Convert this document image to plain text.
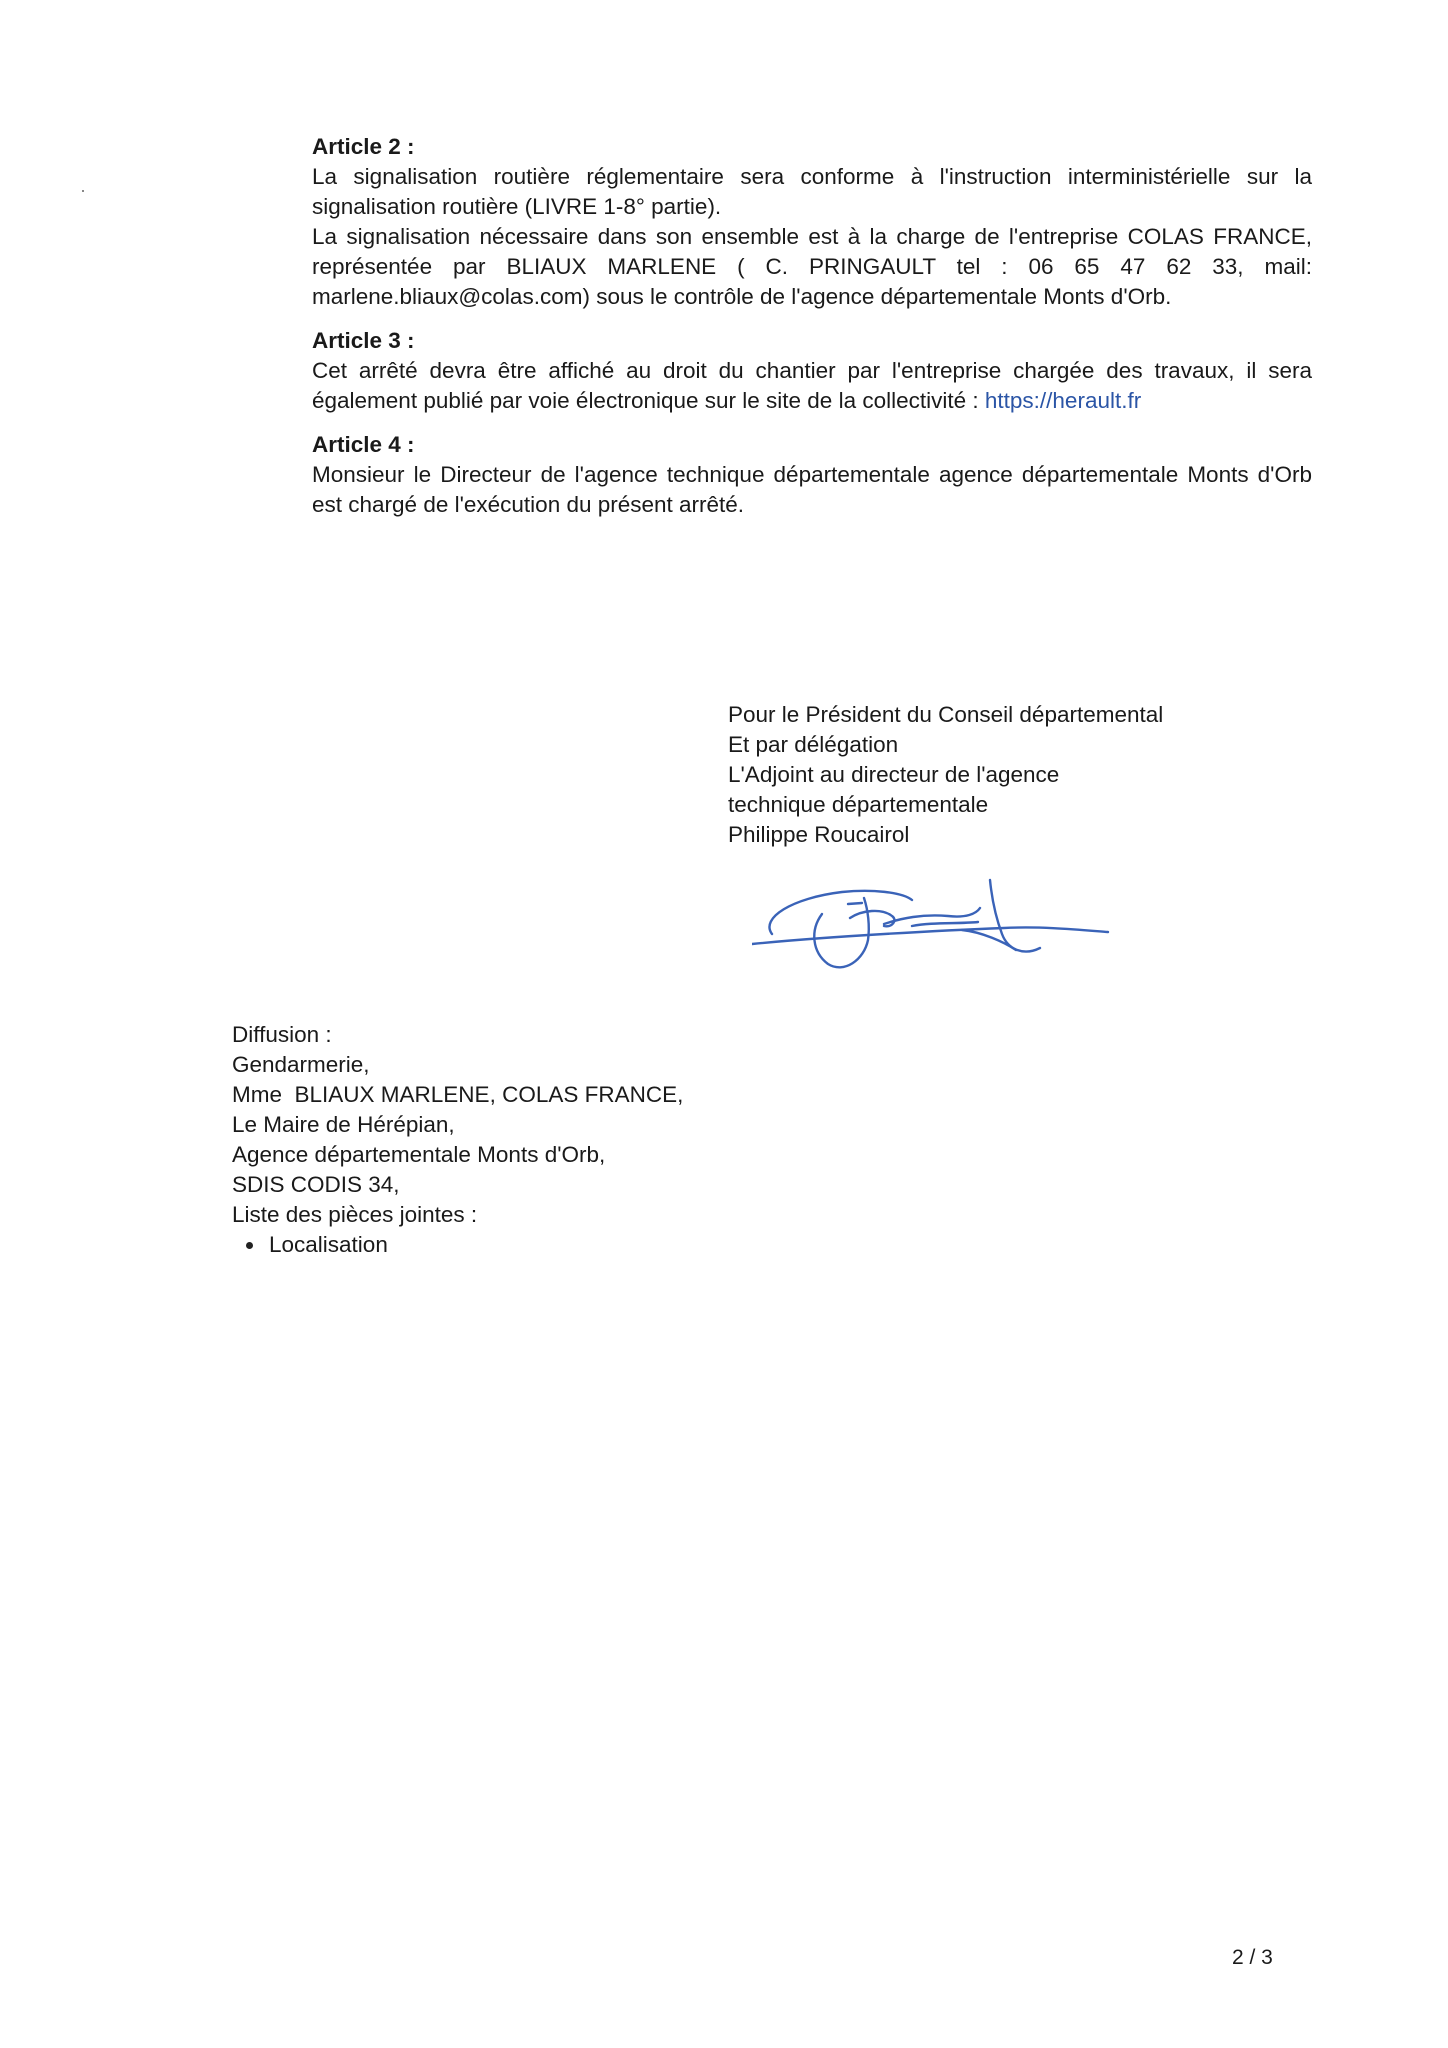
Article 2 :

La signalisation routière réglementaire sera conforme à l'instruction interministérielle sur la signalisation routière (LIVRE 1-8° partie).

La signalisation nécessaire dans son ensemble est à la charge de l'entreprise COLAS FRANCE, représentée par BLIAUX MARLENE ( C. PRINGAULT tel : 06 65 47 62 33, mail: marlene.bliaux@colas.com) sous le contrôle de l'agence départementale Monts d'Orb.

Article 3 :

Cet arrêté devra être affiché au droit du chantier par l'entreprise chargée des travaux, il sera également publié par voie électronique sur le site de la collectivité : https://herault.fr

Article 4 :

Monsieur le Directeur de l'agence technique départementale agence départementale Monts d'Orb est chargé de l'exécution du présent arrêté.

Pour le Président du Conseil départemental
Et par délégation
L'Adjoint au directeur de l'agence
technique départementale
Philippe Roucairol
Diffusion :
Gendarmerie,
Mme  BLIAUX MARLENE, COLAS FRANCE,
Le Maire de Hérépian,
Agence départementale Monts d'Orb,
SDIS CODIS 34,
Liste des pièces jointes :
Localisation
2 / 3
